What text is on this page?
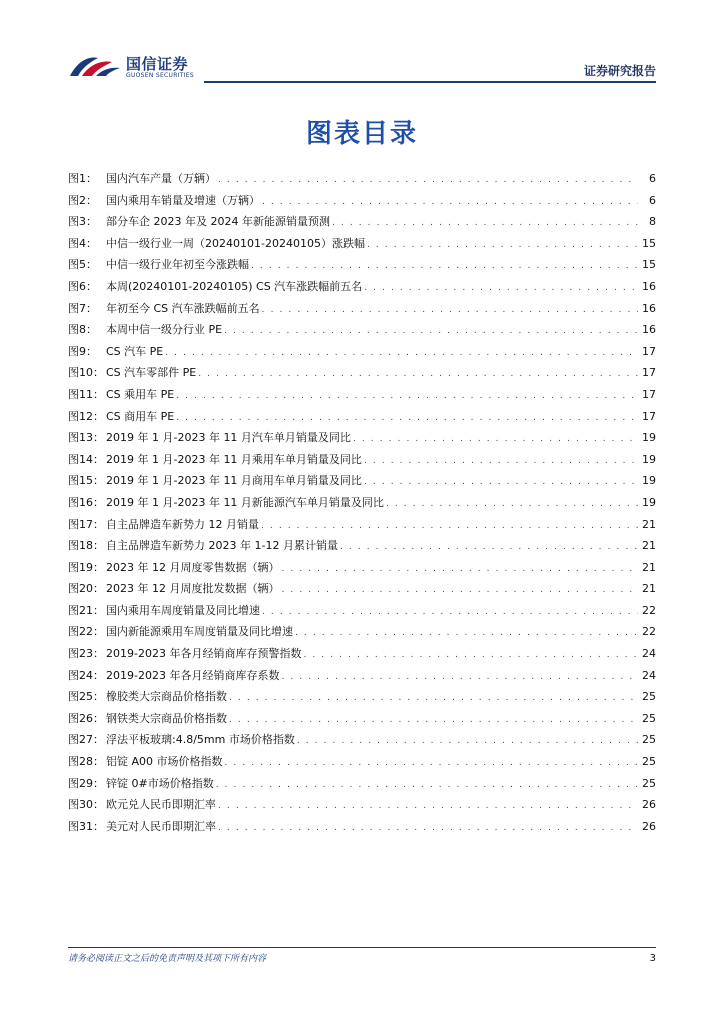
国信证券
GUOSEN SECURITIES	证券研究报告
图表目录
图1： 国内汽车产量（万辆） . . .	6
图2： 国内乘用车销量及增速（万辆） . . .	6
图3： 部分车企 2023 年及 2024 年新能源销量预测 . . .	8
图4： 中信一级行业一周（20240101-20240105）涨跌幅 . . .	15
图5： 中信一级行业年初至今涨跌幅 . . .	15
图6： 本周(20240101-20240105) CS 汽车涨跌幅前五名 . . .	16
图7： 年初至今 CS 汽车涨跌幅前五名 . . .	16
图8： 本周中信一级分行业 PE . . .	16
图9： CS 汽车 PE . . .	17
图10： CS 汽车零部件 PE . . .	17
图11： CS 乘用车 PE . . .	17
图12： CS 商用车 PE . . .	17
图13： 2019 年 1 月-2023 年 11 月汽车单月销量及同比 . . .	19
图14： 2019 年 1 月-2023 年 11 月乘用车单月销量及同比 . . .	19
图15： 2019 年 1 月-2023 年 11 月商用车单月销量及同比 . . .	19
图16： 2019 年 1 月-2023 年 11 月新能源汽车单月销量及同比 . . .	19
图17： 自主品牌造车新势力 12 月销量 . . .	21
图18： 自主品牌造车新势力 2023 年 1-12 月累计销量 . . .	21
图19： 2023 年 12 月周度零售数据（辆） . . .	21
图20： 2023 年 12 月周度批发数据（辆） . . .	21
图21： 国内乘用车周度销量及同比增速 . . .	22
图22： 国内新能源乘用车周度销量及同比增速 . . .	22
图23： 2019-2023 年各月经销商库存预警指数 . . .	24
图24： 2019-2023 年各月经销商库存系数 . . .	24
图25： 橡胶类大宗商品价格指数 . . .	25
图26： 钢铁类大宗商品价格指数 . . .	25
图27： 浮法平板玻璃:4.8/5mm 市场价格指数 . . .	25
图28： 铝锭 A00 市场价格指数 . . .	25
图29： 锌锭 0#市场价格指数 . . .	25
图30： 欧元兑人民币即期汇率 . . .	26
图31： 美元对人民币即期汇率 . . .	26
请务必阅读正文之后的免责声明及其项下所有内容	3
